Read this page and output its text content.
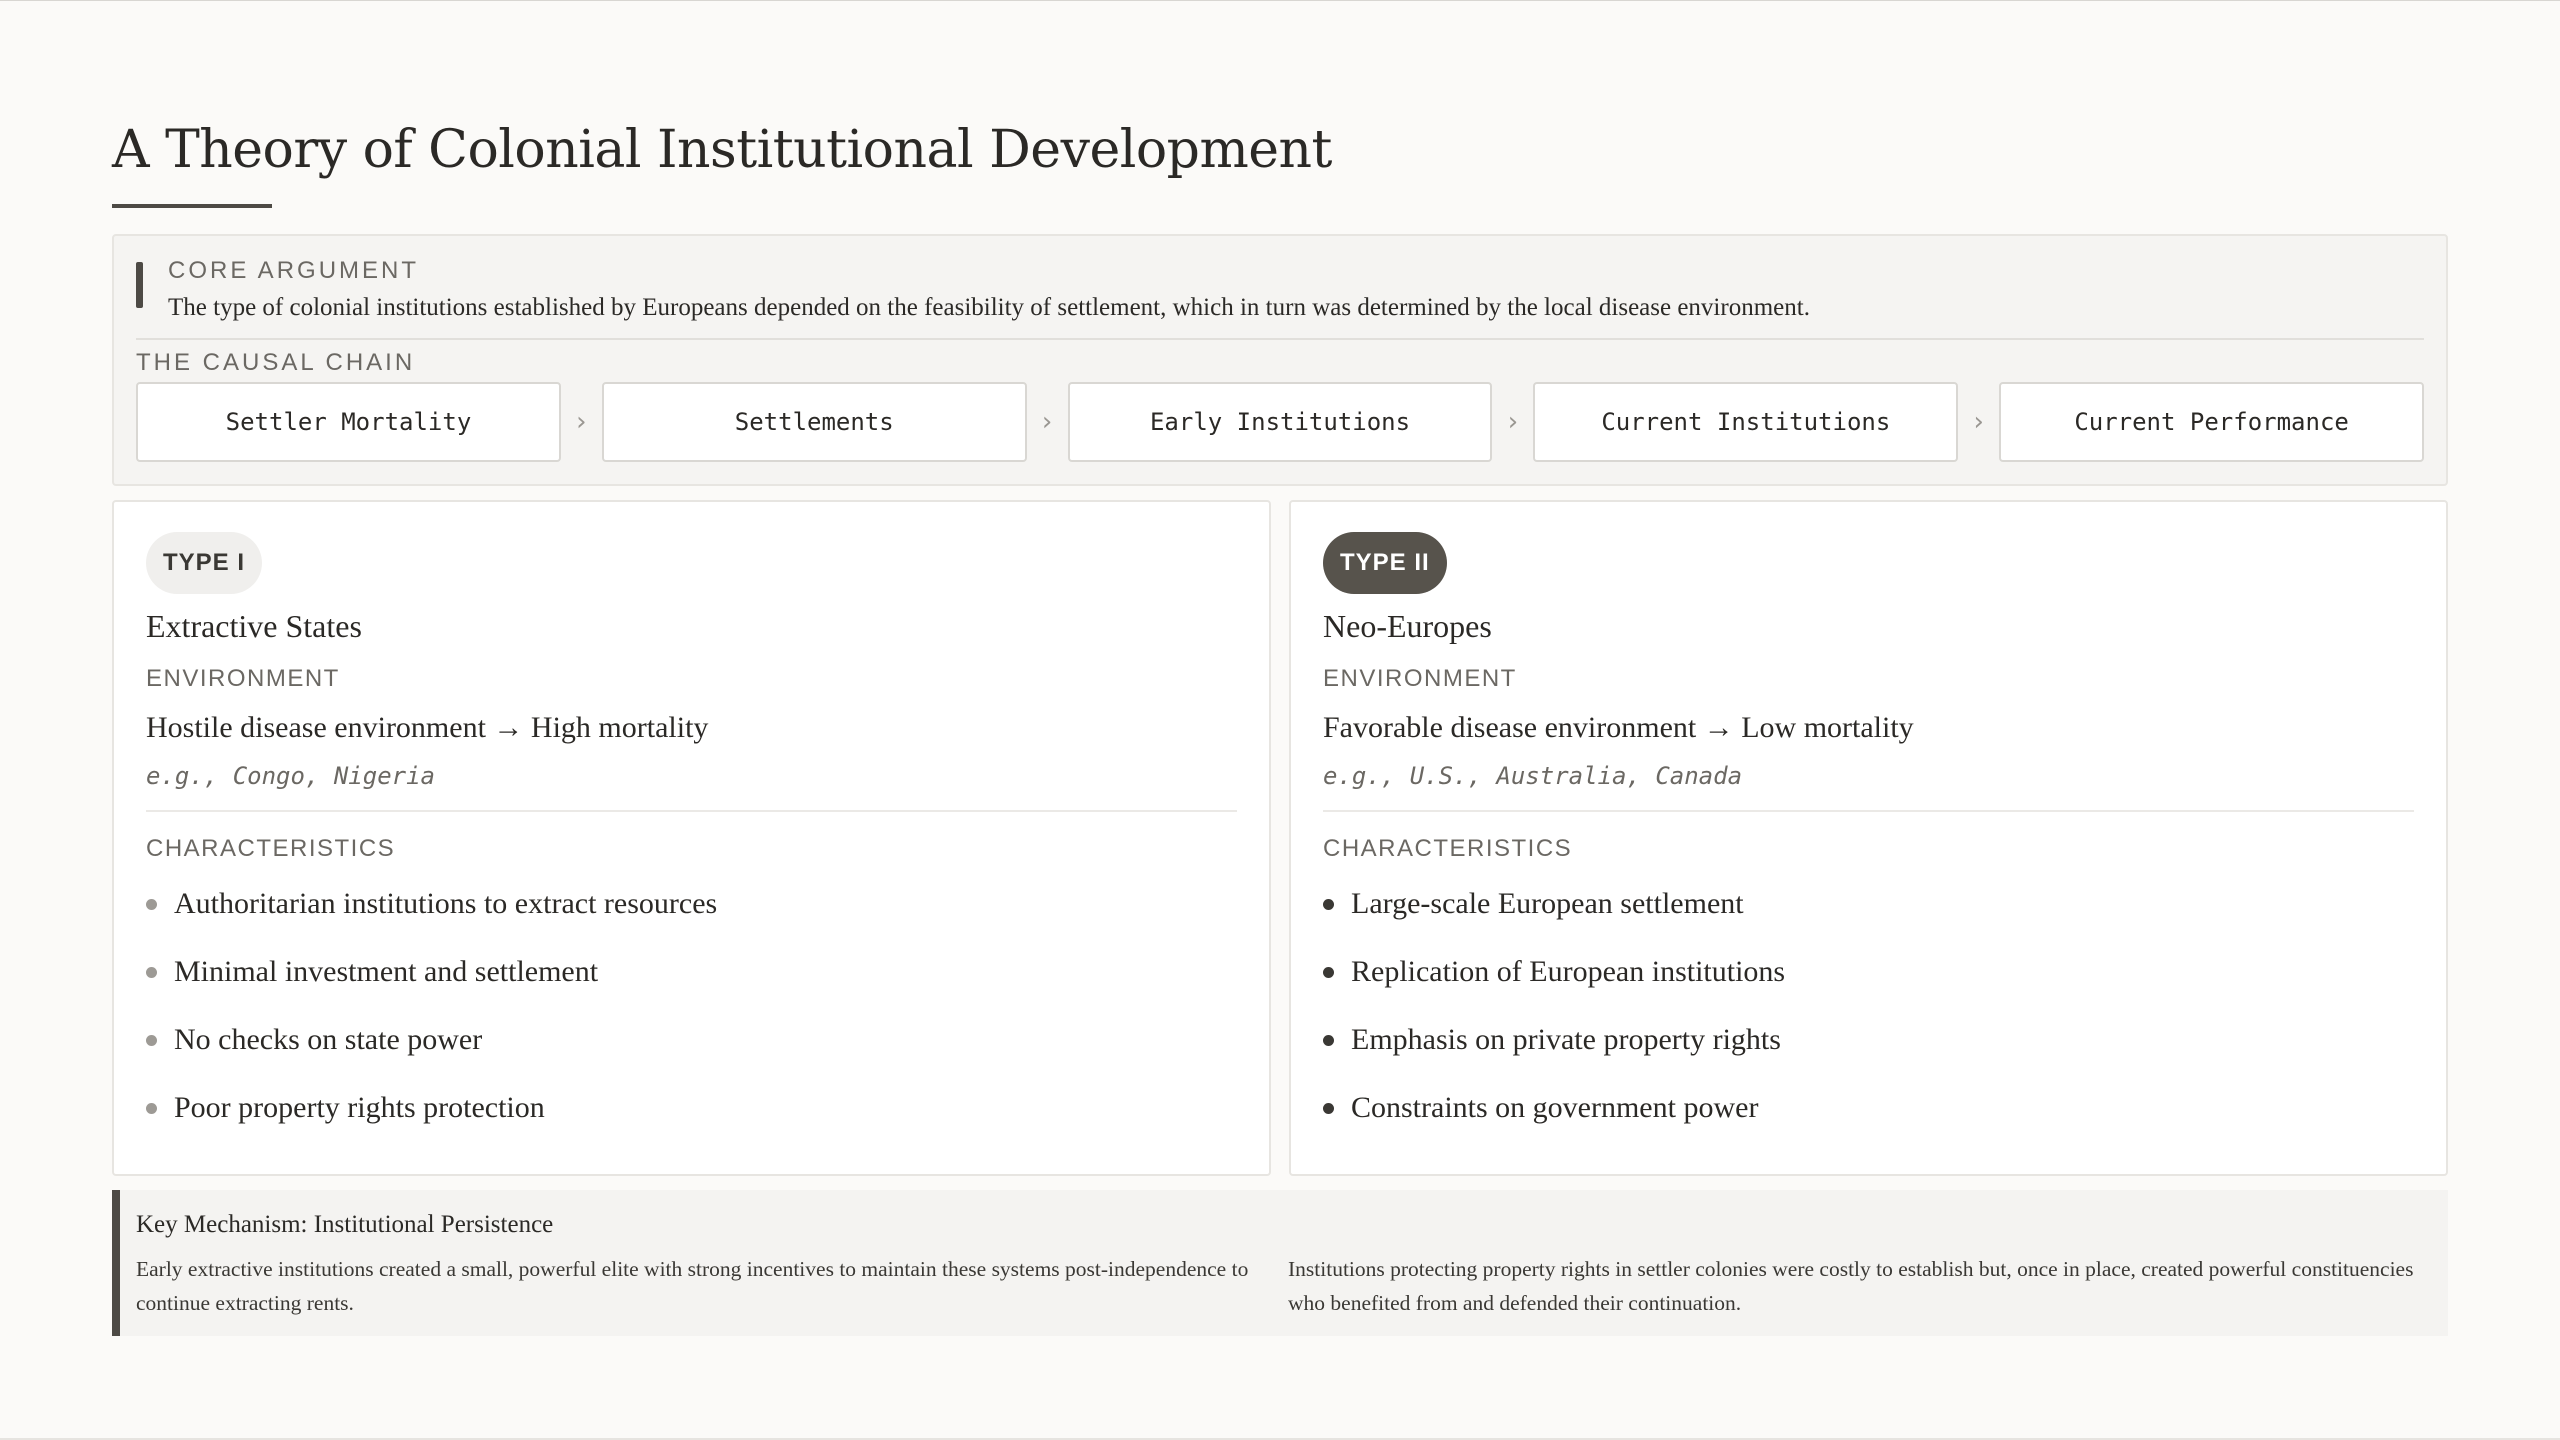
A Theory of Colonial Institutional Development
CORE ARGUMENT
The type of colonial institutions established by Europeans depended on the feasibility of settlement, which in turn was determined by the local disease environment.
THE CAUSAL CHAIN
Settler Mortality	›	Settlements	›	Early Institutions	›	Current Institutions	›	Current Performance
TYPE I
Extractive States
ENVIRONMENT
Hostile disease environment → High mortality
e.g., Congo, Nigeria
CHARACTERISTICS
Authoritarian institutions to extract resources
Minimal investment and settlement
No checks on state power
Poor property rights protection
TYPE II
Neo-Europes
ENVIRONMENT
Favorable disease environment → Low mortality
e.g., U.S., Australia, Canada
CHARACTERISTICS
Large-scale European settlement
Replication of European institutions
Emphasis on private property rights
Constraints on government power
Key Mechanism: Institutional Persistence
Early extractive institutions created a small, powerful elite with strong incentives to maintain these systems post-independence to continue extracting rents.
Institutions protecting property rights in settler colonies were costly to establish but, once in place, created powerful constituencies who benefited from and defended their continuation.
